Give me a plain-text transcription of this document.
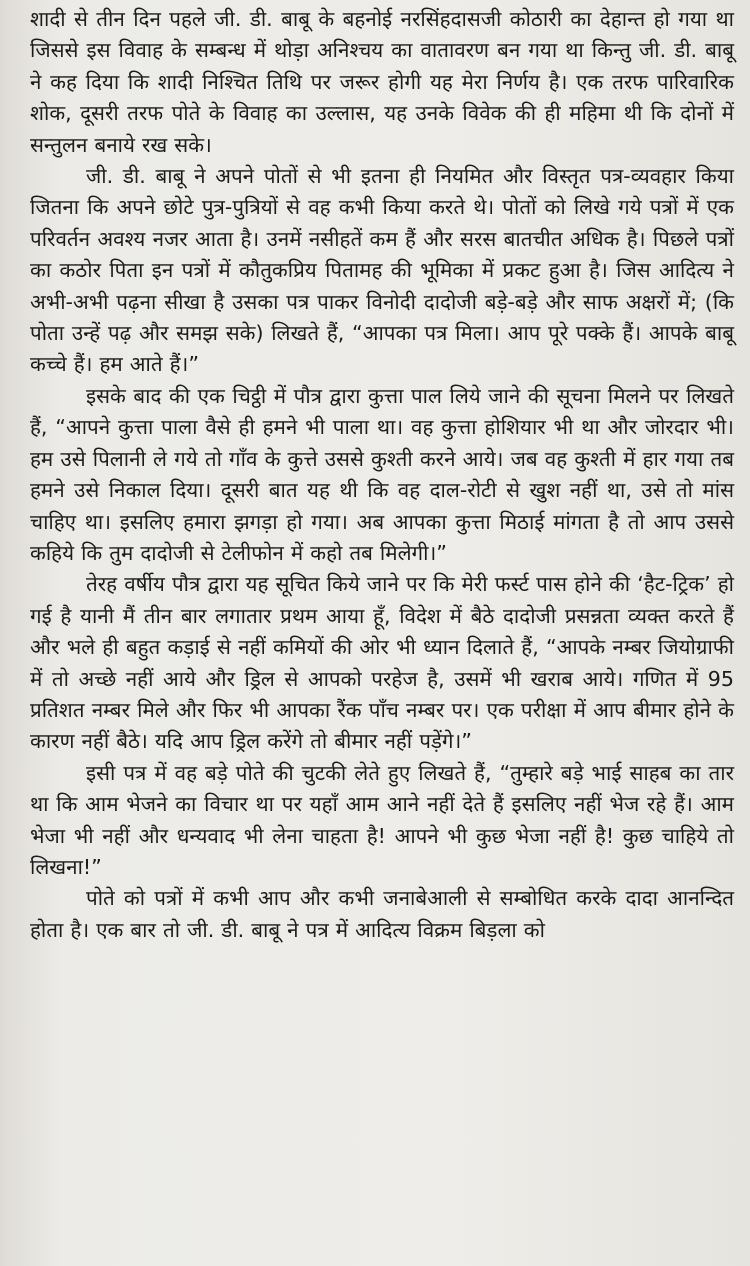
शादी से तीन दिन पहले जी. डी. बाबू के बहनोई नरसिंहदासजी कोठारी का देहान्त हो गया था जिससे इस विवाह के सम्बन्ध में थोड़ा अनिश्चय का वातावरण बन गया था किन्तु जी. डी. बाबू ने कह दिया कि शादी निश्चित तिथि पर जरूर होगी यह मेरा निर्णय है। एक तरफ पारिवारिक शोक, दूसरी तरफ पोते के विवाह का उल्लास, यह उनके विवेक की ही महिमा थी कि दोनों में सन्तुलन बनाये रख सके।

जी. डी. बाबू ने अपने पोतों से भी इतना ही नियमित और विस्तृत पत्र-व्यवहार किया जितना कि अपने छोटे पुत्र-पुत्रियों से वह कभी किया करते थे। पोतों को लिखे गये पत्रों में एक परिवर्तन अवश्य नजर आता है। उनमें नसीहतें कम हैं और सरस बातचीत अधिक है। पिछले पत्रों का कठोर पिता इन पत्रों में कौतुकप्रिय पितामह की भूमिका में प्रकट हुआ है। जिस आदित्य ने अभी-अभी पढ़ना सीखा है उसका पत्र पाकर विनोदी दादोजी बड़े-बड़े और साफ अक्षरों में; (कि पोता उन्हें पढ़ और समझ सके) लिखते हैं, “आपका पत्र मिला। आप पूरे पक्के हैं। आपके बाबू कच्चे हैं। हम आते हैं।”

इसके बाद की एक चिट्ठी में पौत्र द्वारा कुत्ता पाल लिये जाने की सूचना मिलने पर लिखते हैं, “आपने कुत्ता पाला वैसे ही हमने भी पाला था। वह कुत्ता होशियार भी था और जोरदार भी। हम उसे पिलानी ले गये तो गाँव के कुत्ते उससे कुश्ती करने आये। जब वह कुश्ती में हार गया तब हमने उसे निकाल दिया। दूसरी बात यह थी कि वह दाल-रोटी से खुश नहीं था, उसे तो मांस चाहिए था। इसलिए हमारा झगड़ा हो गया। अब आपका कुत्ता मिठाई मांगता है तो आप उससे कहिये कि तुम दादोजी से टेलीफोन में कहो तब मिलेगी।”

तेरह वर्षीय पौत्र द्वारा यह सूचित किये जाने पर कि मेरी फर्स्ट पास होने की ‘हैट-ट्रिक’ हो गई है यानी मैं तीन बार लगातार प्रथम आया हूँ, विदेश में बैठे दादोजी प्रसन्नता व्यक्त करते हैं और भले ही बहुत कड़ाई से नहीं कमियों की ओर भी ध्यान दिलाते हैं, “आपके नम्बर जियोग्राफी में तो अच्छे नहीं आये और ड्रिल से आपको परहेज है, उसमें भी खराब आये। गणित में 95 प्रतिशत नम्बर मिले और फिर भी आपका रैंक पाँच नम्बर पर। एक परीक्षा में आप बीमार होने के कारण नहीं बैठे। यदि आप ड्रिल करेंगे तो बीमार नहीं पड़ेंगे।”

इसी पत्र में वह बड़े पोते की चुटकी लेते हुए लिखते हैं, “तुम्हारे बड़े भाई साहब का तार था कि आम भेजने का विचार था पर यहाँ आम आने नहीं देते हैं इसलिए नहीं भेज रहे हैं। आम भेजा भी नहीं और धन्यवाद भी लेना चाहता है! आपने भी कुछ भेजा नहीं है! कुछ चाहिये तो लिखना!”

पोते को पत्रों में कभी आप और कभी जनाबेआली से सम्बोधित करके दादा आनन्दित होता है। एक बार तो जी. डी. बाबू ने पत्र में आदित्य विक्रम बिड़ला को
